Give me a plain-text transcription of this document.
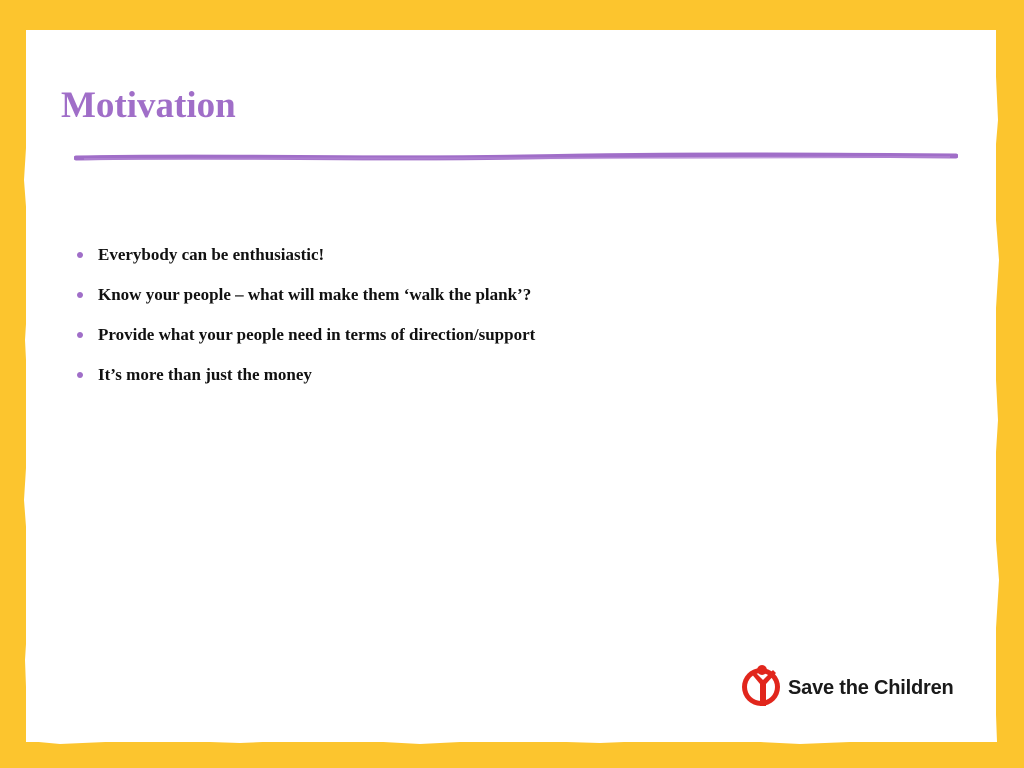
Motivation
Everybody can be enthusiastic!
Know your people – what will make them ‘walk the plank’?
Provide what your people need in terms of direction/support
It’s more than just the money
Save the Children
